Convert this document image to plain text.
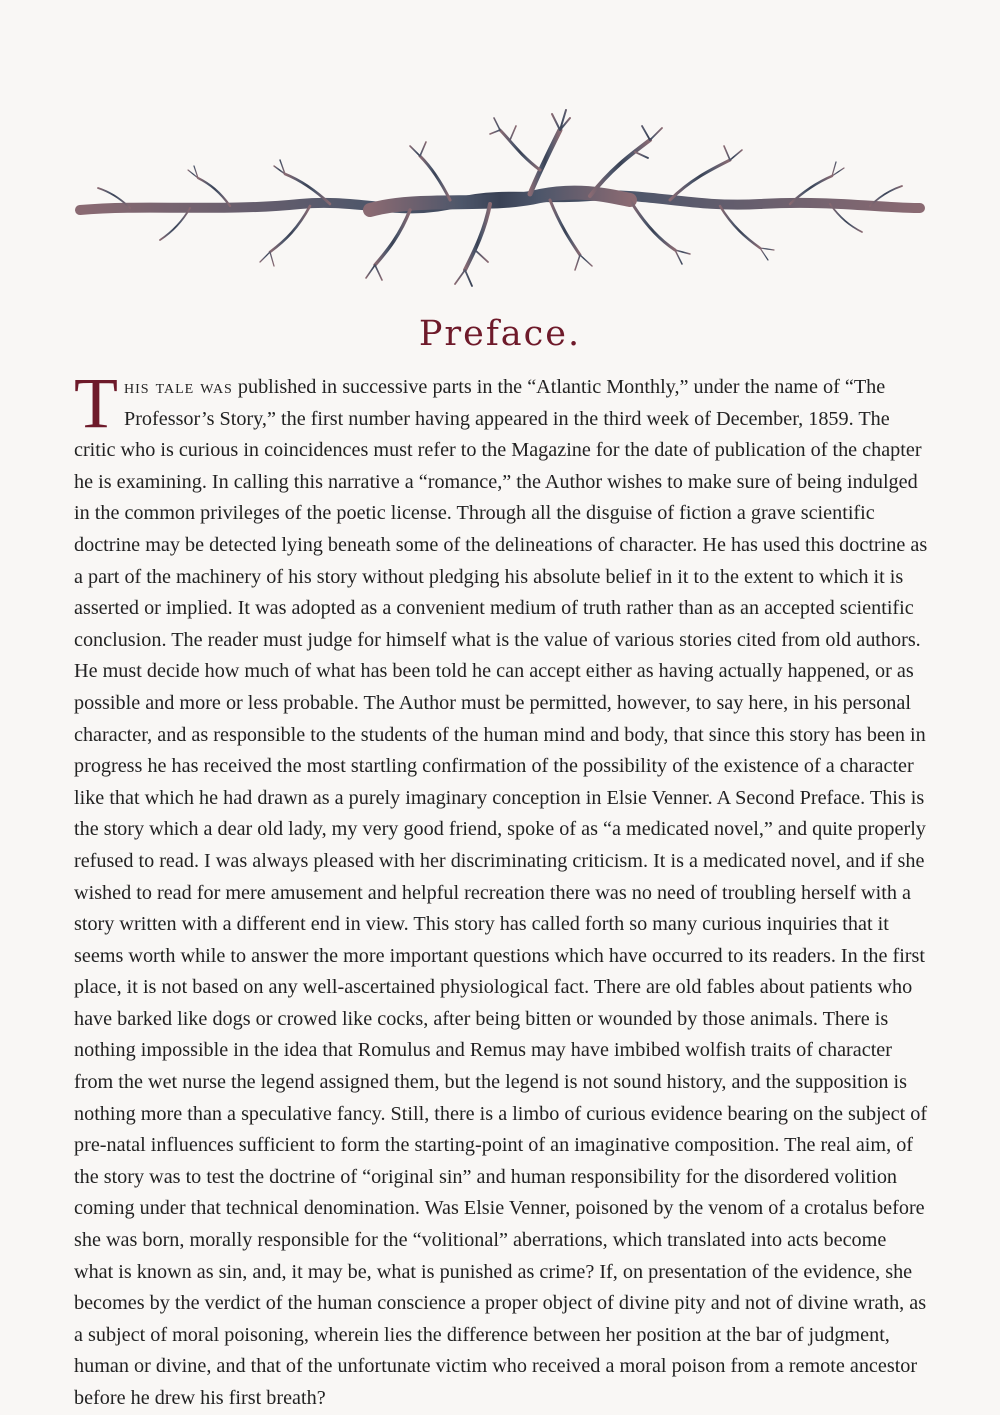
Preface.

This tale was published in successive parts in the “Atlantic Monthly,” under the name of “The Professor’s Story,” the first number having appeared in the third week of December, 1859. The critic who is curious in coincidences must refer to the Magazine for the date of publication of the chapter he is examining. In calling this narrative a “romance,” the Author wishes to make sure of being indulged in the common privileges of the poetic license. Through all the disguise of fiction a grave scientific doctrine may be detected lying beneath some of the delineations of character. He has used this doctrine as a part of the machinery of his story without pledging his absolute belief in it to the extent to which it is asserted or implied. It was adopted as a convenient medium of truth rather than as an accepted scientific conclusion. The reader must judge for himself what is the value of various stories cited from old authors. He must decide how much of what has been told he can accept either as having actually happened, or as possible and more or less probable. The Author must be permitted, however, to say here, in his personal character, and as responsible to the students of the human mind and body, that since this story has been in progress he has received the most startling confirmation of the possibility of the existence of a character like that which he had drawn as a purely imaginary conception in Elsie Venner. A Second Preface. This is the story which a dear old lady, my very good friend, spoke of as “a medicated novel,” and quite properly refused to read. I was always pleased with her discriminating criticism. It is a medicated novel, and if she wished to read for mere amusement and helpful recreation there was no need of troubling herself with a story written with a different end in view. This story has called forth so many curious inquiries that it seems worth while to answer the more important questions which have occurred to its readers. In the first place, it is not based on any well-ascertained physiological fact. There are old fables about patients who have barked like dogs or crowed like cocks, after being bitten or wounded by those animals. There is nothing impossible in the idea that Romulus and Remus may have imbibed wolfish traits of character from the wet nurse the legend assigned them, but the legend is not sound history, and the supposition is nothing more than a speculative fancy. Still, there is a limbo of curious evidence bearing on the subject of pre-natal influences sufficient to form the starting-point of an imaginative composition. The real aim, of the story was to test the doctrine of “original sin” and human responsibility for the disordered volition coming under that technical denomination. Was Elsie Venner, poisoned by the venom of a crotalus before she was born, morally responsible for the “volitional” aberrations, which translated into acts become what is known as sin, and, it may be, what is punished as crime? If, on presentation of the evidence, she becomes by the verdict of the human conscience a proper object of divine pity and not of divine wrath, as a subject of moral poisoning, wherein lies the difference between her position at the bar of judgment, human or divine, and that of the unfortunate victim who received a moral poison from a remote ancestor before he drew his first breath?
